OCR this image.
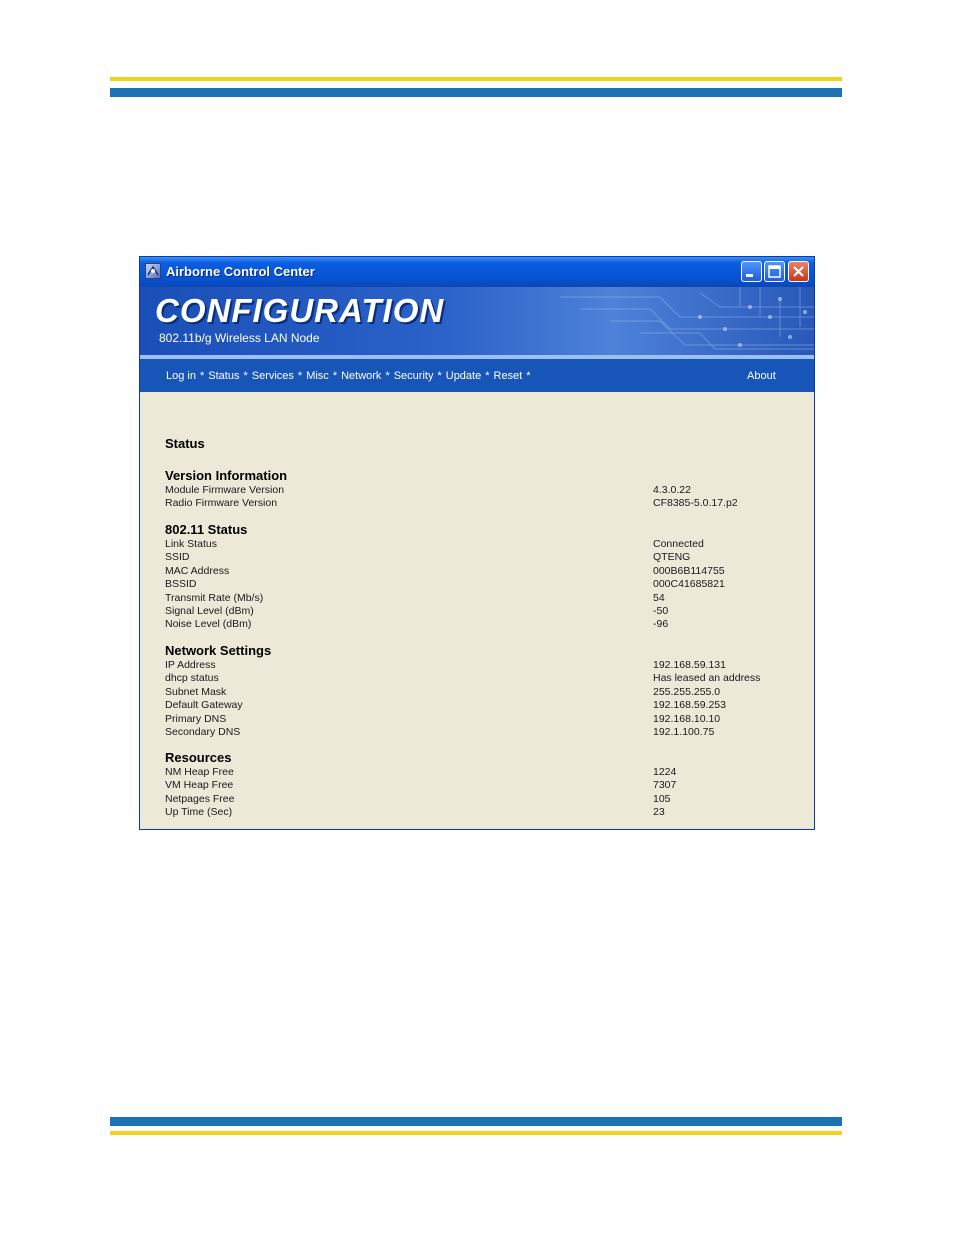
Airborne Control Center
CONFIGURATION
802.11b/g Wireless LAN Node
Log in * Status * Services * Misc * Network * Security * Update * Reset *	About
Status
Version Information
Module Firmware Version	4.3.0.22
Radio Firmware Version	CF8385-5.0.17.p2
802.11 Status
Link Status	Connected
SSID	QTENG
MAC Address	000B6B114755
BSSID	000C41685821
Transmit Rate (Mb/s)	54
Signal Level (dBm)	-50
Noise Level (dBm)	-96
Network Settings
IP Address	192.168.59.131
dhcp status	Has leased an address
Subnet Mask	255.255.255.0
Default Gateway	192.168.59.253
Primary DNS	192.168.10.10
Secondary DNS	192.1.100.75
Resources
NM Heap Free	1224
VM Heap Free	7307
Netpages Free	105
Up Time (Sec)	23
